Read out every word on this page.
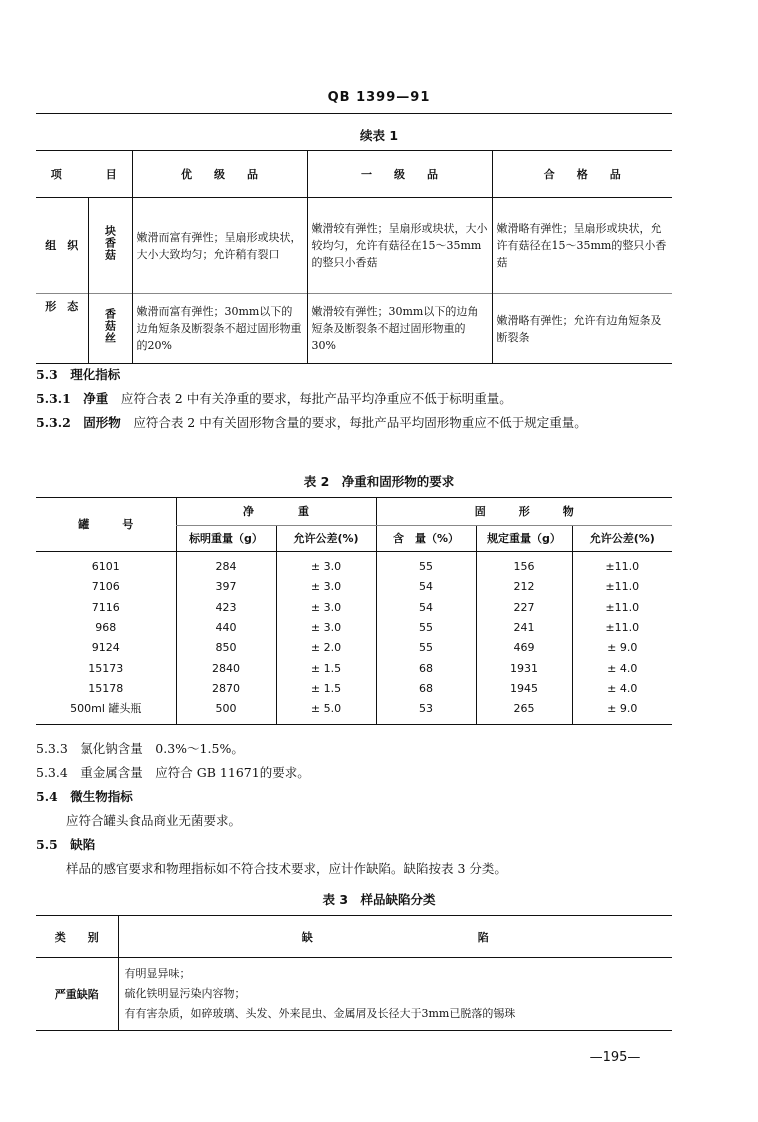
QB 1399—91
续表 1
项　　　　目		优　　级　　品	一　　级　　品	合　　格　　品
组　织	块香菇	嫩滑而富有弹性；呈扇形或块状，大小大致均匀；允许稍有裂口	嫩滑较有弹性；呈扇形或块状，大小较均匀，允许有菇径在15～35mm的整只小香菇	嫩滑略有弹性；呈扇形或块状，允许有菇径在15～35mm的整只小香菇
形　态	香菇丝	嫩滑而富有弹性；30mm以下的边角短条及断裂条不超过固形物重的20%	嫩滑较有弹性；30mm以下的边角短条及断裂条不超过固形物重的30%	嫩滑略有弹性；允许有边角短条及断裂条
5.3　理化指标
5.3.1　净重　 应符合表 2 中有关净重的要求，每批产品平均净重应不低于标明重量。
5.3.2　固形物　 应符合表 2 中有关固形物含量的要求，每批产品平均固形物重应不低于规定重量。
表 2　净重和固形物的要求
罐　　　号	净　　　　重		固　　　形　　　物		
	标明重量（g）	允许公差(%)	含　量（%）	规定重量（g）	允许公差(%)
6101	284	± 3.0	55	156	±11.0
7106	397	± 3.0	54	212	±11.0
7116	423	± 3.0	54	227	±11.0
968	440	± 3.0	55	241	±11.0
9124	850	± 2.0	55	469	± 9.0
15173	2840	± 1.5	68	1931	± 4.0
15178	2870	± 1.5	68	1945	± 4.0
500ml 罐头瓶	500	± 5.0	53	265	± 9.0
5.3.3　氯化钠含量　0.3%～1.5%。
5.3.4　重金属含量　应符合 GB 11671的要求。
5.4　微生物指标
应符合罐头食品商业无菌要求。
5.5　缺陷
样品的感官要求和物理指标如不符合技术要求，应计作缺陷。缺陷按表 3 分类。
表 3　样品缺陷分类
类　　别	缺　　　　　　　　　　　　　　　陷
严重缺陷	有明显异味；
硫化铁明显污染内容物；
有有害杂质，如碎玻璃、头发、外来昆虫、金属屑及长径大于3mm已脱落的锡珠
—195—
